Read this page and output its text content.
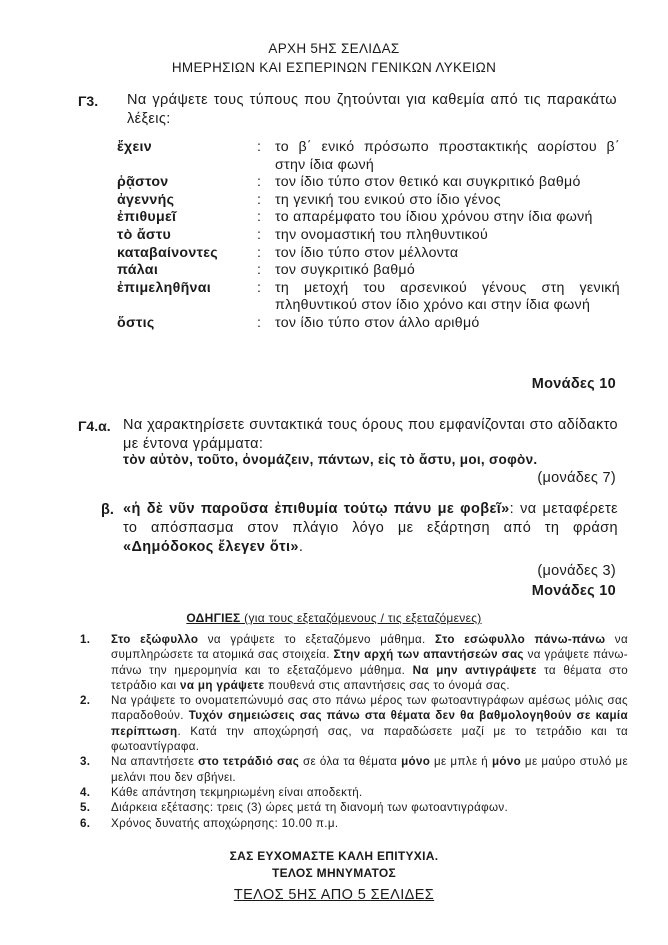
ΑΡΧΗ 5ΗΣ ΣΕΛΙΔΑΣ
ΗΜΕΡΗΣΙΩΝ ΚΑΙ ΕΣΠΕΡΙΝΩΝ ΓΕΝΙΚΩΝ ΛΥΚΕΙΩΝ
Γ3. Να γράψετε τους τύπους που ζητούνται για καθεμία από τις παρακάτω λέξεις:
ἔχειν	: το β΄ ενικό πρόσωπο προστακτικής αορίστου β΄ στην ίδια φωνή
ῥᾷστον	: τον ίδιο τύπο στον θετικό και συγκριτικό βαθμό
ἀγεννής	: τη γενική του ενικού στο ίδιο γένος
ἐπιθυμεῖ	: το απαρέμφατο του ίδιου χρόνου στην ίδια φωνή
τὸ ἄστυ	: την ονομαστική του πληθυντικού
καταβαίνοντες	: τον ίδιο τύπο στον μέλλοντα
πάλαι	: τον συγκριτικό βαθμό
ἐπιμεληθῆναι	: τη μετοχή του αρσενικού γένους στη γενική πληθυντικού στον ίδιο χρόνο και στην ίδια φωνή
ὅστις	: τον ίδιο τύπο στον άλλο αριθμό
Μονάδες 10
Γ4.α. Να χαρακτηρίσετε συντακτικά τους όρους που εμφανίζονται στο αδίδακτο με έντονα γράμματα:
τὸν αὐτὸν, τοῦτο, ὀνομάζειν, πάντων, εἰς τὸ ἄστυ, μοι, σοφὸν.
(μονάδες 7)
β. «ἡ δὲ νῦν παροῦσα ἐπιθυμία τούτῳ πάνυ με φοβεῖ»: να μεταφέρετε το απόσπασμα στον πλάγιο λόγο με εξάρτηση από τη φράση «Δημόδοκος ἔλεγεν ὅτι».
(μονάδες 3)
Μονάδες 10
ΟΔΗΓΙΕΣ (για τους εξεταζόμενους / τις εξεταζόμενες)
1.	Στο εξώφυλλο να γράψετε το εξεταζόμενο μάθημα. Στο εσώφυλλο πάνω-πάνω να συμπληρώσετε τα ατομικά σας στοιχεία. Στην αρχή των απαντήσεών σας να γράψετε πάνω-πάνω την ημερομηνία και το εξεταζόμενο μάθημα. Να μην αντιγράψετε τα θέματα στο τετράδιο και να μη γράψετε πουθενά στις απαντήσεις σας το όνομά σας.
2.	Να γράψετε το ονοματεπώνυμό σας στο πάνω μέρος των φωτοαντιγράφων αμέσως μόλις σας παραδοθούν. Τυχόν σημειώσεις σας πάνω στα θέματα δεν θα βαθμολογηθούν σε καμία περίπτωση. Κατά την αποχώρησή σας, να παραδώσετε μαζί με το τετράδιο και τα φωτοαντίγραφα.
3.	Να απαντήσετε στο τετράδιό σας σε όλα τα θέματα μόνο με μπλε ή μόνο με μαύρο στυλό με μελάνι που δεν σβήνει.
4.	Κάθε απάντηση τεκμηριωμένη είναι αποδεκτή.
5.	Διάρκεια εξέτασης: τρεις (3) ώρες μετά τη διανομή των φωτοαντιγράφων.
6.	Χρόνος δυνατής αποχώρησης: 10.00 π.μ.
ΣΑΣ ΕΥΧΟΜΑΣΤΕ ΚΑΛΗ ΕΠΙΤΥΧΙΑ.
ΤΕΛΟΣ ΜΗΝΥΜΑΤΟΣ
ΤΕΛΟΣ 5ΗΣ ΑΠΟ 5 ΣΕΛΙΔΕΣ
